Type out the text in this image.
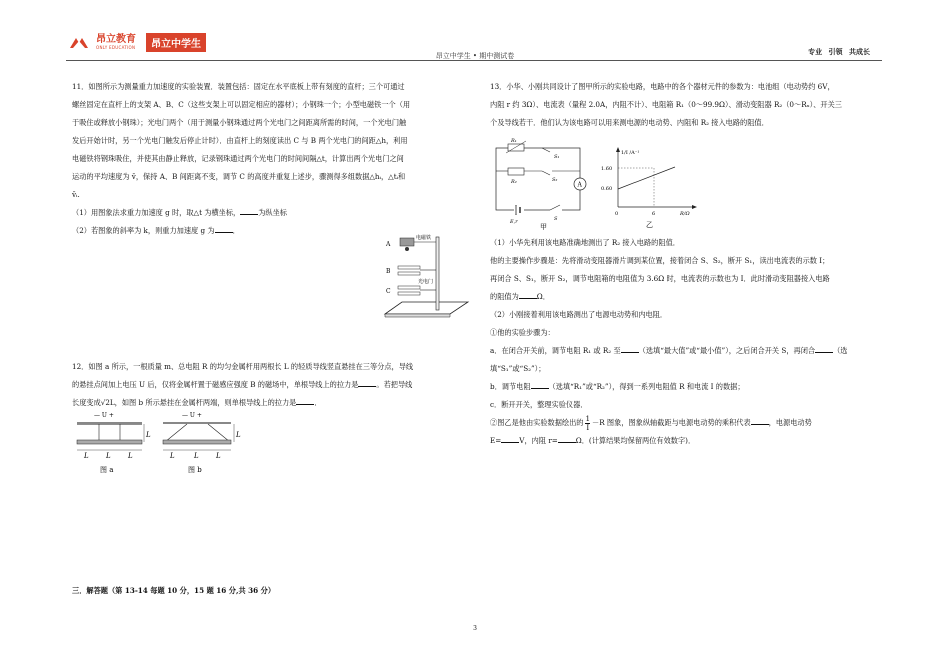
昂立教育
ONLY EDUCATION	昂立中学生
昂立中学生 • 期中测试卷	专业 引领 共成长

11．如图所示为测量重力加速度的实验装置．装置包括：固定在水平底板上带有刻度的直杆；三个可通过

螺丝固定在直杆上的支架 A、B、C（这些支架上可以固定相应的器材）；小钢珠一个；小型电磁铁一个（用

于吸住或释放小钢珠）；光电门两个（用于测量小钢珠通过两个光电门之间距离所需的时间，一个光电门触

发后开始计时，另一个光电门触发后停止计时）．由直杆上的刻度读出 C 与 B 两个光电门的间距△h，利用

电磁铁将钢珠吸住，并使其由静止释放，记录钢珠通过两个光电门的时间间隔△t，计算出两个光电门之间

运动的平均速度为 v̄，保持 A、B 间距离不变，调节 C 的高度并重复上述步，骤测得多组数据△hᵢ，△tᵢ和

v̄ᵢ.

（1）用图象法求重力加速度 g 时，取△t 为横坐标，	为纵坐标

（2）若图象的斜率为 k，则重力加速度 g 为	．

A
电磁铁
B
C
光电门

12．如图 a 所示，一根质量 m、总电阻 R 的均匀金属杆用两根长 L 的轻质导线竖直悬挂在三等分点，导线

的悬挂点间加上电压 U 后，仅将金属杆置于磁感应强度 B 的磁场中，单根导线上的拉力是	。若把导线

长度变成√2L，如图 b 所示悬挂在金属杆两端，则单根导线上的拉力是	．

— U +
L
L L L
图 a
— U +
L
L	L L
图 b

13．小华、小刚共同设计了图甲所示的实验电路，电路中的各个器材元件的参数为：电池组（电动势约 6V，

内阻 r 约 3Ω）、电流表（量程 2.0A，内阻不计）、电阻箱 R₁（0～99.9Ω）、滑动变阻器 R₂（0～Rₓ）、开关三

个及导线若干．他们认为该电路可以用来测电源的电动势、内阻和 R₂ 接入电路的阻值．

R₁
R₂
S₁
S₂
A
E,r	S
甲
1/I /A⁻¹
1.60
0.60
0	6	R/Ω
乙

（1）小华先利用该电路准确地测出了 R₂ 接入电路的阻值．

他的主要操作步骤是：先将滑动变阻器滑片调到某位置，接着闭合 S、S₂，断开 S₁，读出电流表的示数 I；

再闭合 S、S₁，断开 S₂，调节电阻箱的电阻值为 3.6Ω 时，电流表的示数也为 I．此时滑动变阻器接入电路

的阻值为	Ω．

（2）小刚接着利用该电路测出了电源电动势和内电阻．

①他的实验步骤为：

a．在闭合开关前，调节电阻 R₁ 或 R₂ 至	（选填“最大值”或“最小值”），之后闭合开关 S，再闭合	（选

填“S₁”或“S₂”）；

b．调节电阻	（选填“R₁”或“R₂”），得到一系列电阻值 R 和电流 I 的数据；

c．断开开关，整理实验仪器．

②图乙是他由实验数据绘出的 $\frac{1}{I} -R$ 图象，图象纵轴截距与电源电动势的乘积代表	，电源电动势

E=	V，内阻 r=	Ω．(计算结果均保留两位有效数字)．

三．解答题（第 13-14 每题 10 分，15 题 16 分,共 36 分）
3
